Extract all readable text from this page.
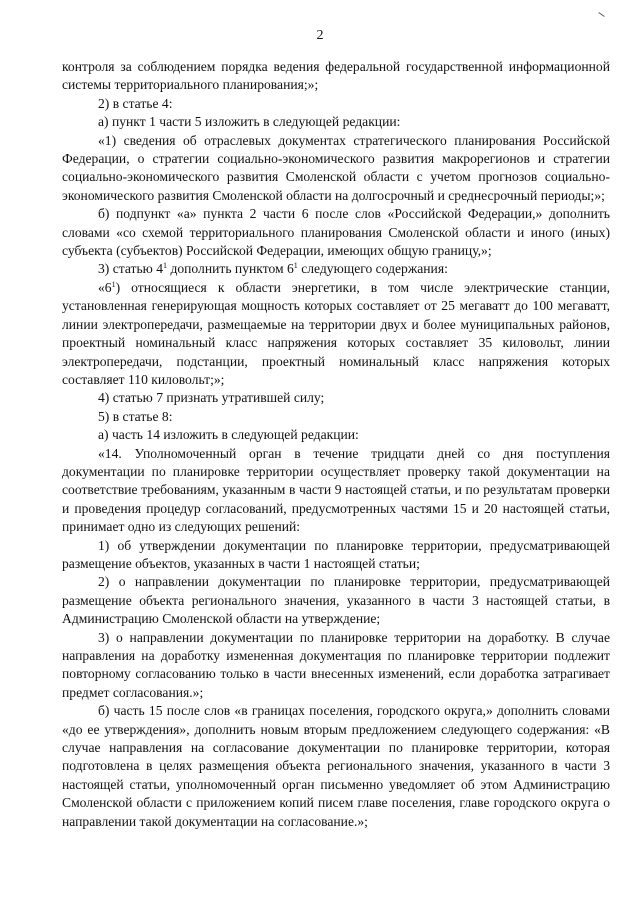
2

контроля за соблюдением порядка ведения федеральной государственной информационной системы территориального планирования;»;

2) в статье 4:

а) пункт 1 части 5 изложить в следующей редакции:

«1) сведения об отраслевых документах стратегического планирования Российской Федерации, о стратегии социально-экономического развития макрорегионов и стратегии социально-экономического развития Смоленской области с учетом прогнозов социально-экономического развития Смоленской области на долгосрочный и среднесрочный периоды;»;

б) подпункт «а» пункта 2 части 6 после слов «Российской Федерации,» дополнить словами «со схемой территориального планирования Смоленской области и иного (иных) субъекта (субъектов) Российской Федерации, имеющих общую границу,»;

3) статью $4^1$ дополнить пунктом $6^1$ следующего содержания:

«$6^1$) относящиеся к области энергетики, в том числе электрические станции, установленная генерирующая мощность которых составляет от 25 мегаватт до 100 мегаватт, линии электропередачи, размещаемые на территории двух и более муниципальных районов, проектный номинальный класс напряжения которых составляет 35 киловольт, линии электропередачи, подстанции, проектный номинальный класс напряжения которых составляет 110 киловольт;»;

4) статью 7 признать утратившей силу;

5) в статье 8:

а) часть 14 изложить в следующей редакции:

«14. Уполномоченный орган в течение тридцати дней со дня поступления документации по планировке территории осуществляет проверку такой документации на соответствие требованиям, указанным в части 9 настоящей статьи, и по результатам проверки и проведения процедур согласований, предусмотренных частями 15 и 20 настоящей статьи, принимает одно из следующих решений:

1) об утверждении документации по планировке территории, предусматривающей размещение объектов, указанных в части 1 настоящей статьи;

2) о направлении документации по планировке территории, предусматривающей размещение объекта регионального значения, указанного в части 3 настоящей статьи, в Администрацию Смоленской области на утверждение;

3) о направлении документации по планировке территории на доработку. В случае направления на доработку измененная документация по планировке территории подлежит повторному согласованию только в части внесенных изменений, если доработка затрагивает предмет согласования.»;

б) часть 15 после слов «в границах поселения, городского округа,» дополнить словами «до ее утверждения», дополнить новым вторым предложением следующего содержания: «В случае направления на согласование документации по планировке территории, которая подготовлена в целях размещения объекта регионального значения, указанного в части 3 настоящей статьи, уполномоченный орган письменно уведомляет об этом Администрацию Смоленской области с приложением копий писем главе поселения, главе городского округа о направлении такой документации на согласование.»;
